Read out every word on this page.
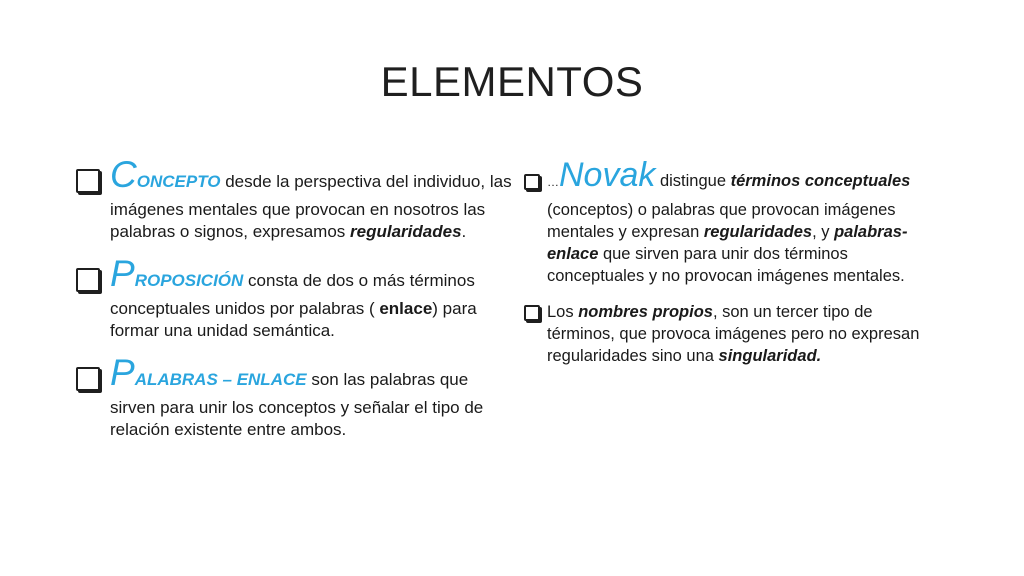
ELEMENTOS
CONCEPTO desde la perspectiva del individuo, las imágenes mentales que provocan en nosotros las palabras o signos, expresamos regularidades.
PROPOSICIÓN consta de dos o más términos conceptuales unidos por palabras ( enlace) para formar una unidad semántica.
PALABRAS – ENLACE son las palabras que sirven para unir los conceptos y señalar el tipo de relación existente entre ambos.
…Novak distingue términos conceptuales (conceptos) o palabras que provocan imágenes mentales y expresan regularidades, y palabras-enlace que sirven para unir dos términos conceptuales y no provocan imágenes mentales.
Los nombres propios, son un tercer tipo de términos, que provoca imágenes pero no expresan regularidades sino una singularidad.
